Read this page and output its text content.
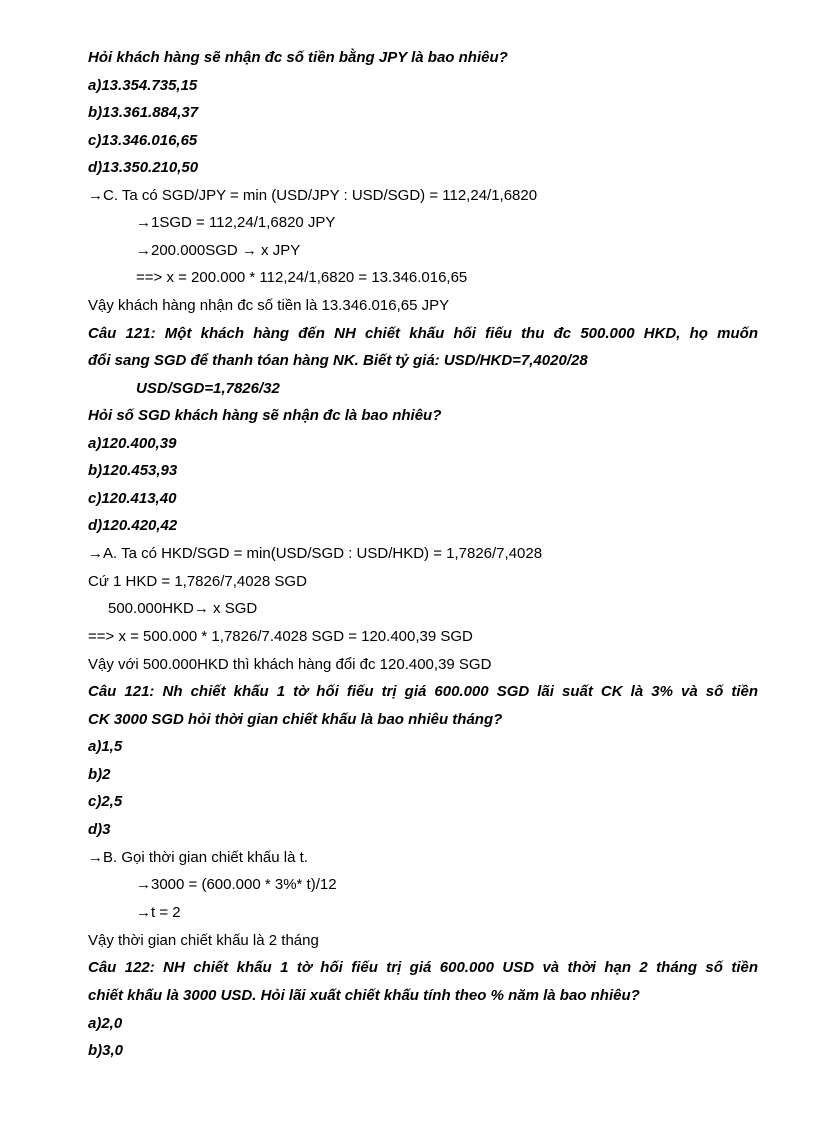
Hỏi khách hàng sẽ nhận đc số tiền bằng JPY là bao nhiêu?
a)13.354.735,15
b)13.361.884,37
c)13.346.016,65
d)13.350.210,50
→C. Ta có SGD/JPY = min (USD/JPY : USD/SGD) = 112,24/1,6820
→1SGD = 112,24/1,6820 JPY
→200.000SGD → x JPY
==> x = 200.000 * 112,24/1,6820 = 13.346.016,65
Vậy khách hàng nhận đc số tiền là 13.346.016,65 JPY
Câu 121: Một khách hàng đến NH chiết khấu hối fiếu thu đc 500.000 HKD, họ muốn
đổi sang SGD để thanh tóan hàng NK. Biết tỷ giá: USD/HKD=7,4020/28
USD/SGD=1,7826/32
Hỏi số SGD khách hàng sẽ nhận đc là bao nhiêu?
a)120.400,39
b)120.453,93
c)120.413,40
d)120.420,42
→A. Ta có HKD/SGD = min(USD/SGD : USD/HKD) = 1,7826/7,4028
Cứ 1 HKD = 1,7826/7,4028 SGD
500.000HKD→ x SGD
==> x = 500.000 * 1,7826/7.4028 SGD = 120.400,39 SGD
Vậy với 500.000HKD thì khách hàng đổi đc 120.400,39 SGD
Câu 121: Nh chiết khấu 1 tờ hối fiếu trị giá 600.000 SGD lãi suất CK là 3% và số tiền
CK 3000 SGD hỏi thời gian chiết khấu là bao nhiêu tháng?
a)1,5
b)2
c)2,5
d)3
→B. Gọi thời gian chiết khấu là t.
→3000 = (600.000 * 3%* t)/12
→t = 2
Vậy thời gian chiết khấu là 2 tháng
Câu 122: NH chiết khấu 1 tờ hối fiếu trị giá 600.000 USD và thời hạn 2 tháng số tiền
chiết khấu là 3000 USD. Hỏi lãi xuất chiết khấu tính theo % năm là bao nhiêu?
a)2,0
b)3,0
